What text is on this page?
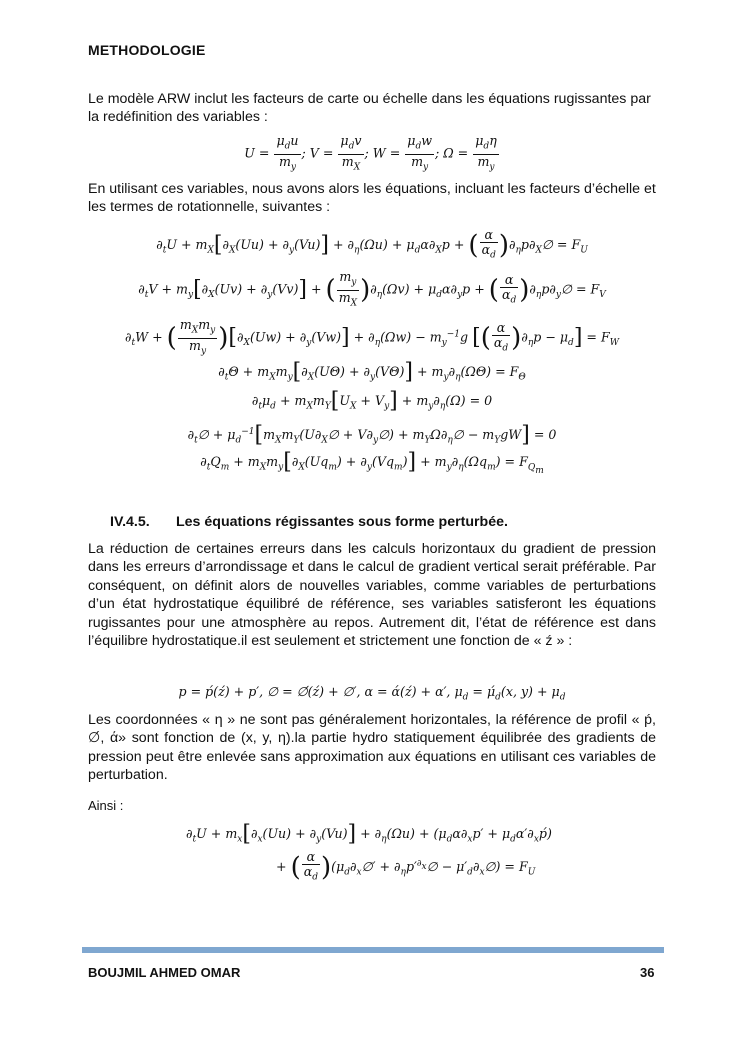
METHODOLOGIE
Le modèle ARW inclut les facteurs de carte ou échelle dans les équations rugissantes par la redéfinition des variables :
$U = \frac{\mu_du}{m_y}$ ; $V = \frac{\mu_dv}{m_X}$ ; $W = \frac{\mu_dw}{m_y}$ ; $\Omega = \frac{\mu_d\eta}{m_y}$
En utilisant ces variables, nous avons alors les équations, incluant les facteurs d’échelle et les termes de rotationnelle, suivantes :
$\partial_tU + m_X[\partial_X(Uu) + \partial_y(Vu)] + \partial_\eta(\Omega u) + \mu_d\alpha\partial_Xp$ + ( $\frac{\alpha}{\alpha_d}$ )$\partial_\eta p\partial_X\emptyset = F_U$
$\partial_tV + m_y[\partial_X(Uv) + \partial_y(Vv)]$ + ( $\frac{m_y}{m_X} )\partial_\eta(\Omega v) + \mu_d\alpha\partial_yp$ + ( $\frac{\alpha}{\alpha_d}$ )$\partial_\eta p\partial_y\emptyset = F_V$
$\partial_tW$ + ( $\frac{m_Xm_y}{m_y} )[\partial_X(Uw) + \partial_y(Vw)] + \partial_\eta(\Omega w) - m_y^{-1}g$ [( $\frac{\alpha}{\alpha_d} )\partial_\eta p - \mu_d] = F_W$
$\partial_t\Theta + m_Xm_y[\partial_X(U\Theta) + \partial_y(V\Theta)] + m_y\partial_\eta(\Omega\Theta) = F_\Theta$
$\partial_t\mu_d + m_Xm_Y[U_X + V_y] + m_y\partial_\eta(\Omega) = 0$
$\partial_t\emptyset$ + $\mu_d^{-1}[m_Xm_Y(U\partial_X\emptyset$ + $V\partial_y\emptyset$) + $m_Y\Omega\partial_\eta\emptyset - m_YgW] = 0$
$\partial_tQ_m + m_Xm_y[\partial_X(Uq_m) + \partial_y(Vq_m)] + m_y\partial_\eta(\Omega q_m) = F_{Q_m}$
IV.4.5. Les équations régissantes sous forme perturbée.
La réduction de certaines erreurs dans les calculs horizontaux du gradient de pression dans les erreurs d’arrondissage et dans le calcul de gradient vertical serait préférable. Par conséquent, on définit alors de nouvelles variables, comme variables de perturbations d’un état hydrostatique équilibré de référence, ses variables satisferont les équations rugissantes pour une atmosphère au repos. Autrement dit, l’état de référence est dans l’équilibre hydrostatique.il est seulement et strictement une fonction de « ź » :
p = ṕ(ź) + p′, ∅ = ∅́(ź) + ∅′, α = ά(ź) + α′, $\mu_d$ = $\mú_d(x$, $y) + \mu_d$
Les coordonnées « η » ne sont pas généralement horizontales, la référence de profil « ṕ, ∅́, ά» sont fonction de (x, y, η).la partie hydro statiquement équilibrée des gradients de pression peut être enlevée sans approximation aux équations en utilisant ces variables de perturbation.
Ainsi :
$\partial_tU + m_x[\partial_x(Uu) + \partial_y(Vu)] + \partial_\eta(\Omega u) + (\mu_d\alpha\partial_xp'$ + $\mu_d\alpha'\partial_xṕ$)
+ ( $\frac{\alpha}{\alpha_d}$ )($\mu_d\partial_x\emptyset'$ + $\partial_\eta p'^{\partial_x}\emptyset$ − $\mu'_d\partial_x\emptyset) = F_U$
BOUJMIL AHMED OMAR	36
